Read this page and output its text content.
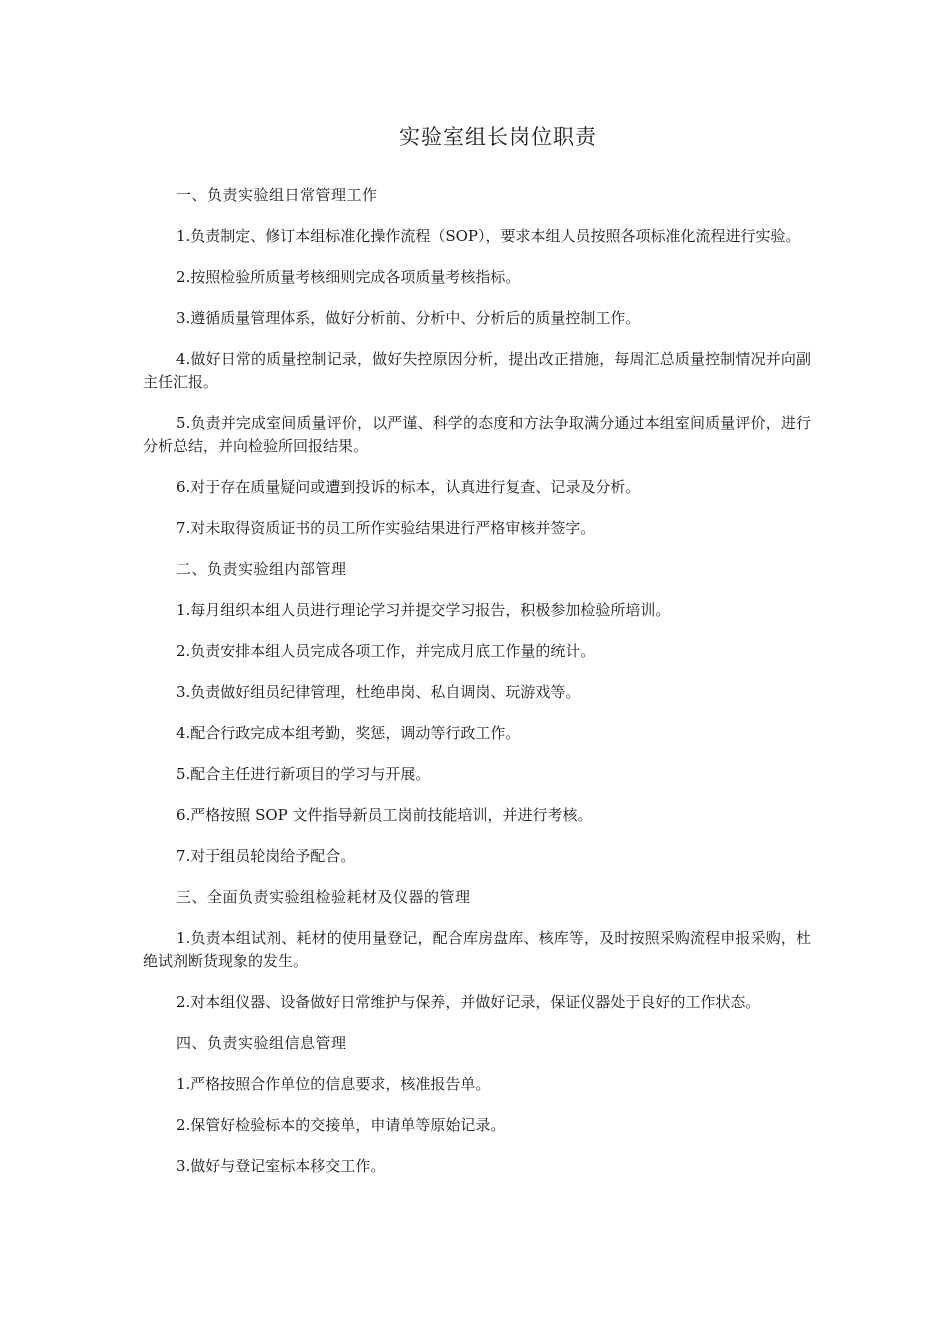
实验室组长岗位职责

一、负责实验组日常管理工作

1.负责制定、修订本组标准化操作流程（SOP），要求本组人员按照各项标准化流程进行实验。

2.按照检验所质量考核细则完成各项质量考核指标。

3.遵循质量管理体系，做好分析前、分析中、分析后的质量控制工作。

4.做好日常的质量控制记录，做好失控原因分析，提出改正措施，每周汇总质量控制情况并向副主任汇报。

5.负责并完成室间质量评价，以严谨、科学的态度和方法争取满分通过本组室间质量评价，进行分析总结，并向检验所回报结果。

6.对于存在质量疑问或遭到投诉的标本，认真进行复查、记录及分析。

7.对未取得资质证书的员工所作实验结果进行严格审核并签字。

二、负责实验组内部管理

1.每月组织本组人员进行理论学习并提交学习报告，积极参加检验所培训。

2.负责安排本组人员完成各项工作，并完成月底工作量的统计。

3.负责做好组员纪律管理，杜绝串岗、私自调岗、玩游戏等。

4.配合行政完成本组考勤，奖惩，调动等行政工作。

5.配合主任进行新项目的学习与开展。

6.严格按照 SOP 文件指导新员工岗前技能培训，并进行考核。

7.对于组员轮岗给予配合。

三、全面负责实验组检验耗材及仪器的管理

1.负责本组试剂、耗材的使用量登记，配合库房盘库、核库等，及时按照采购流程申报采购，杜绝试剂断货现象的发生。

2.对本组仪器、设备做好日常维护与保养，并做好记录，保证仪器处于良好的工作状态。

四、负责实验组信息管理

1.严格按照合作单位的信息要求，核准报告单。

2.保管好检验标本的交接单，申请单等原始记录。

3.做好与登记室标本移交工作。
